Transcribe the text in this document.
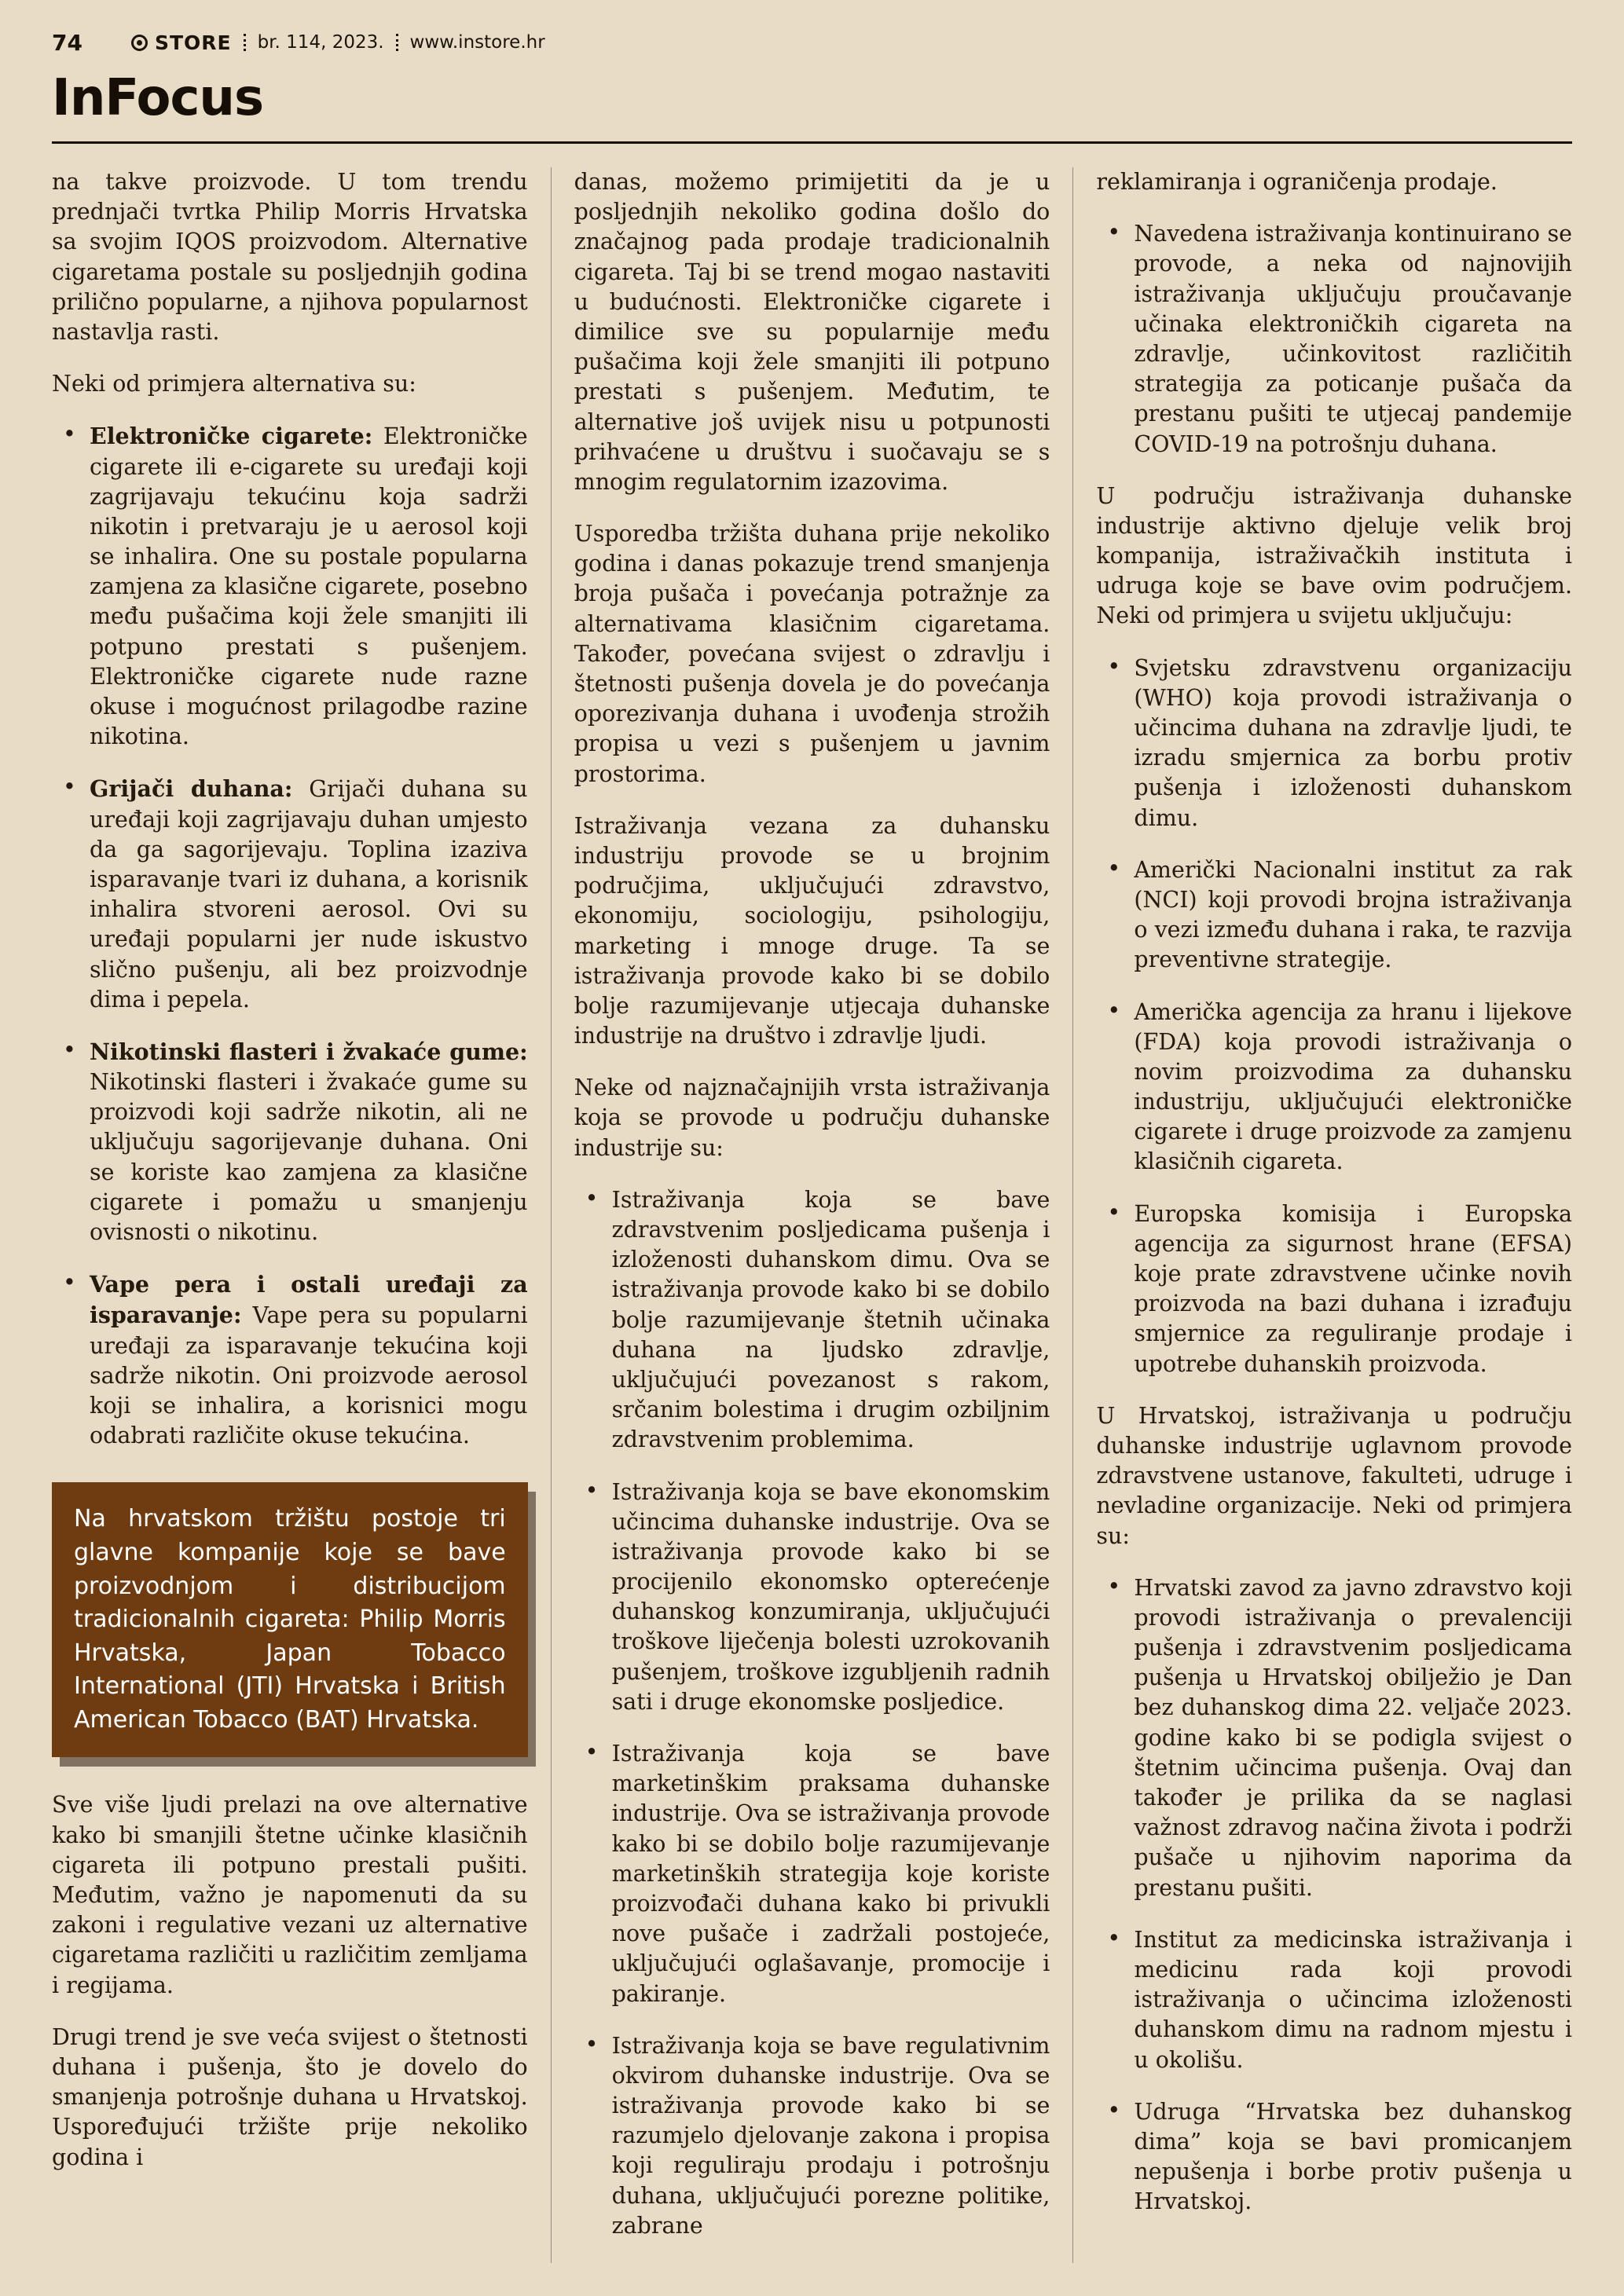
74	STORE br. 114, 2023. www.instore.hr
InFocus

na takve proizvode. U tom trendu prednjači tvrtka Philip Morris Hrvatska sa svojim IQOS proizvodom. Alternative cigaretama postale su posljednjih godina prilično popularne, a njihova popularnost nastavlja rasti.

Neki od primjera alternativa su:

• Elektroničke cigarete: Elektroničke cigarete ili e-cigarete su uređaji koji zagrijavaju tekućinu koja sadrži nikotin i pretvaraju je u aerosol koji se inhalira. One su postale popularna zamjena za klasične cigarete, posebno među pušačima koji žele smanjiti ili potpuno prestati s pušenjem. Elektroničke cigarete nude razne okuse i mogućnost prilagodbe razine nikotina.

• Grijači duhana: Grijači duhana su uređaji koji zagrijavaju duhan umjesto da ga sagorijevaju. Toplina izaziva isparavanje tvari iz duhana, a korisnik inhalira stvoreni aerosol. Ovi su uređaji popularni jer nude iskustvo slično pušenju, ali bez proizvodnje dima i pepela.

• Nikotinski flasteri i žvakaće gume: Nikotinski flasteri i žvakaće gume su proizvodi koji sadrže nikotin, ali ne uključuju sagorijevanje duhana. Oni se koriste kao zamjena za klasične cigarete i pomažu u smanjenju ovisnosti o nikotinu.

• Vape pera i ostali uređaji za isparavanje: Vape pera su popularni uređaji za isparavanje tekućina koji sadrže nikotin. Oni proizvode aerosol koji se inhalira, a korisnici mogu odabrati različite okuse tekućina.

Na hrvatskom tržištu postoje tri glavne kompanije koje se bave proizvodnjom i distribucijom tradicionalnih cigareta: Philip Morris Hrvatska, Japan Tobacco International (JTI) Hrvatska i British American Tobacco (BAT) Hrvatska.

Sve više ljudi prelazi na ove alternative kako bi smanjili štetne učinke klasičnih cigareta ili potpuno prestali pušiti. Međutim, važno je napomenuti da su zakoni i regulative vezani uz alternative cigaretama različiti u različitim zemljama i regijama.

Drugi trend je sve veća svijest o štetnosti duhana i pušenja, što je dovelo do smanjenja potrošnje duhana u Hrvatskoj. Uspoređujući tržište prije nekoliko godina i

danas, možemo primijetiti da je u posljednjih nekoliko godina došlo do značajnog pada prodaje tradicionalnih cigareta. Taj bi se trend mogao nastaviti u budućnosti. Elektroničke cigarete i dimilice sve su popularnije među pušačima koji žele smanjiti ili potpuno prestati s pušenjem. Međutim, te alternative još uvijek nisu u potpunosti prihvaćene u društvu i suočavaju se s mnogim regulatornim izazovima.

Usporedba tržišta duhana prije nekoliko godina i danas pokazuje trend smanjenja broja pušača i povećanja potražnje za alternativama klasičnim cigaretama. Također, povećana svijest o zdravlju i štetnosti pušenja dovela je do povećanja oporezivanja duhana i uvođenja strožih propisa u vezi s pušenjem u javnim prostorima.

Istraživanja vezana za duhansku industriju provode se u brojnim područjima, uključujući zdravstvo, ekonomiju, sociologiju, psihologiju, marketing i mnoge druge. Ta se istraživanja provode kako bi se dobilo bolje razumijevanje utjecaja duhanske industrije na društvo i zdravlje ljudi.

Neke od najznačajnijih vrsta istraživanja koja se provode u području duhanske industrije su:

• Istraživanja koja se bave zdravstvenim posljedicama pušenja i izloženosti duhanskom dimu. Ova se istraživanja provode kako bi se dobilo bolje razumijevanje štetnih učinaka duhana na ljudsko zdravlje, uključujući povezanost s rakom, srčanim bolestima i drugim ozbiljnim zdravstvenim problemima.

• Istraživanja koja se bave ekonomskim učincima duhanske industrije. Ova se istraživanja provode kako bi se procijenilo ekonomsko opterećenje duhanskog konzumiranja, uključujući troškove liječenja bolesti uzrokovanih pušenjem, troškove izgubljenih radnih sati i druge ekonomske posljedice.

• Istraživanja koja se bave marketinškim praksama duhanske industrije. Ova se istraživanja provode kako bi se dobilo bolje razumijevanje marketinških strategija koje koriste proizvođači duhana kako bi privukli nove pušače i zadržali postojeće, uključujući oglašavanje, promocije i pakiranje.

• Istraživanja koja se bave regulativnim okvirom duhanske industrije. Ova se istraživanja provode kako bi se razumjelo djelovanje zakona i propisa koji reguliraju prodaju i potrošnju duhana, uključujući porezne politike, zabrane

reklamiranja i ograničenja prodaje.

• Navedena istraživanja kontinuirano se provode, a neka od najnovijih istraživanja uključuju proučavanje učinaka elektroničkih cigareta na zdravlje, učinkovitost različitih strategija za poticanje pušača da prestanu pušiti te utjecaj pandemije COVID-19 na potrošnju duhana.

U području istraživanja duhanske industrije aktivno djeluje velik broj kompanija, istraživačkih instituta i udruga koje se bave ovim područjem. Neki od primjera u svijetu uključuju:

• Svjetsku zdravstvenu organizaciju (WHO) koja provodi istraživanja o učincima duhana na zdravlje ljudi, te izradu smjernica za borbu protiv pušenja i izloženosti duhanskom dimu.

• Američki Nacionalni institut za rak (NCI) koji provodi brojna istraživanja o vezi između duhana i raka, te razvija preventivne strategije.

• Američka agencija za hranu i lijekove (FDA) koja provodi istraživanja o novim proizvodima za duhansku industriju, uključujući elektroničke cigarete i druge proizvode za zamjenu klasičnih cigareta.

• Europska komisija i Europska agencija za sigurnost hrane (EFSA) koje prate zdravstvene učinke novih proizvoda na bazi duhana i izrađuju smjernice za reguliranje prodaje i upotrebe duhanskih proizvoda.

U Hrvatskoj, istraživanja u području duhanske industrije uglavnom provode zdravstvene ustanove, fakulteti, udruge i nevladine organizacije. Neki od primjera su:

• Hrvatski zavod za javno zdravstvo koji provodi istraživanja o prevalenciji pušenja i zdravstvenim posljedicama pušenja u Hrvatskoj obilježio je Dan bez duhanskog dima 22. veljače 2023. godine kako bi se podigla svijest o štetnim učincima pušenja. Ovaj dan također je prilika da se naglasi važnost zdravog načina života i podrži pušače u njihovim naporima da prestanu pušiti.

• Institut za medicinska istraživanja i medicinu rada koji provodi istraživanja o učincima izloženosti duhanskom dimu na radnom mjestu i u okolišu.

• Udruga “Hrvatska bez duhanskog dima” koja se bavi promicanjem nepušenja i borbe protiv pušenja u Hrvatskoj.
